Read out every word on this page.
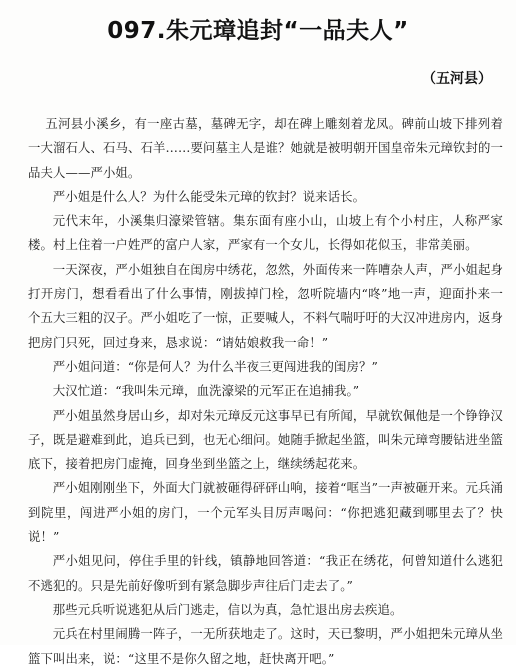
097.朱元璋追封“一品夫人”
（五河县）

五河县小溪乡，有一座古墓，墓碑无字，却在碑上雕刻着龙凤。碑前山坡下排列着一大溜石人、石马、石羊……要问墓主人是谁？她就是被明朝开国皇帝朱元璋钦封的一品夫人——严小姐。

严小姐是什么人？为什么能受朱元璋的钦封？说来话长。

元代末年，小溪集归濠梁管辖。集东面有座小山，山坡上有个小村庄，人称严家楼。村上住着一户姓严的富户人家，严家有一个女儿，长得如花似玉，非常美丽。

一天深夜，严小姐独自在闺房中绣花，忽然，外面传来一阵嘈杂人声，严小姐起身打开房门，想看看出了什么事情，刚拔掉门栓，忽听院墙内“咚”地一声，迎面扑来一个五大三粗的汉子。严小姐吃了一惊，正要喊人，不料气喘吁吁的大汉冲进房内，返身把房门只死，回过身来，恳求说：“请姑娘救我一命！”

严小姐问道：“你是何人？为什么半夜三更闯进我的闺房？”

大汉忙道：“我叫朱元璋，血洗濠梁的元军正在追捕我。”

严小姐虽然身居山乡，却对朱元璋反元这事早已有所闻，早就钦佩他是一个铮铮汉子，既是避难到此，追兵已到，也无心细问。她随手掀起坐篮，叫朱元璋弯腰钻进坐篮底下，接着把房门虚掩，回身坐到坐篮之上，继续绣起花来。

严小姐刚刚坐下，外面大门就被砸得砰砰山响，接着“哐当”一声被砸开来。元兵涌到院里，闯进严小姐的房门，一个元军头目厉声喝问：“你把逃犯藏到哪里去了？快说！”

严小姐见问，停住手里的针线，镇静地回答道：“我正在绣花，何曾知道什么逃犯不逃犯的。只是先前好像听到有紧急脚步声往后门走去了。”

那些元兵听说逃犯从后门逃走，信以为真，急忙退出房去疾追。

元兵在村里闹腾一阵子，一无所获地走了。这时，天已黎明，严小姐把朱元璋从坐篮下叫出来，说：“这里不是你久留之地，赶快离开吧。”
